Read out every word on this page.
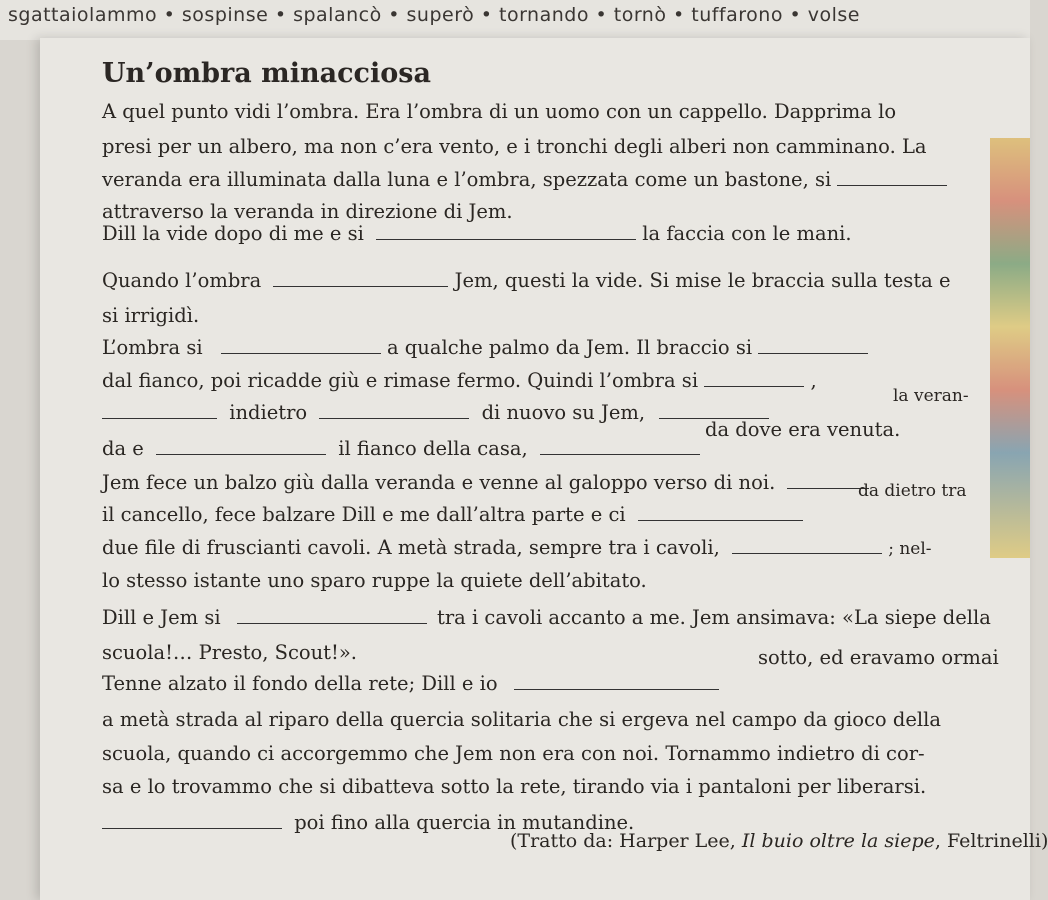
sgattaiolammo • sospinse • spalancò • superò • tornando • tornò • tuffarono • volse
Un’ombra minacciosa
A quel punto vidi l’ombra. Era l’ombra di un uomo con un cappello. Dapprima lo
presi per un albero, ma non c’era vento, e i tronchi degli alberi non camminano. La
veranda era illuminata dalla luna e l’ombra, spezzata come un bastone, si
attraverso la veranda in direzione di Jem.
Dill la vide dopo di me e si	la faccia con le mani.
Quando l’ombra	Jem, questi la vide. Si mise le braccia sulla testa e
si irrigidì.
L’ombra si	a qualche palmo da Jem. Il braccio si
dal fianco, poi ricadde giù e rimase fermo. Quindi l’ombra si	,
la veran-
indietro	di nuovo su Jem,
da dove era venuta.
da e	il fianco della casa,
Jem fece un balzo giù dalla veranda e venne al galoppo verso di noi.	da dietro tra
il cancello, fece balzare Dill e me dall’altra parte e ci
due file di fruscianti cavoli. A metà strada, sempre tra i cavoli,	; nel-
lo stesso istante uno sparo ruppe la quiete dell’abitato.
Dill e Jem si	tra i cavoli accanto a me. Jem ansimava: «La siepe della
scuola!… Presto, Scout!».	sotto, ed eravamo ormai
Tenne alzato il fondo della rete; Dill e io
a metà strada al riparo della quercia solitaria che si ergeva nel campo da gioco della
scuola, quando ci accorgemmo che Jem non era con noi. Tornammo indietro di cor-
sa e lo trovammo che si dibatteva sotto la rete, tirando via i pantaloni per liberarsi.
poi fino alla quercia in mutandine.
(Tratto da: Harper Lee, Il buio oltre la siepe, Feltrinelli)
